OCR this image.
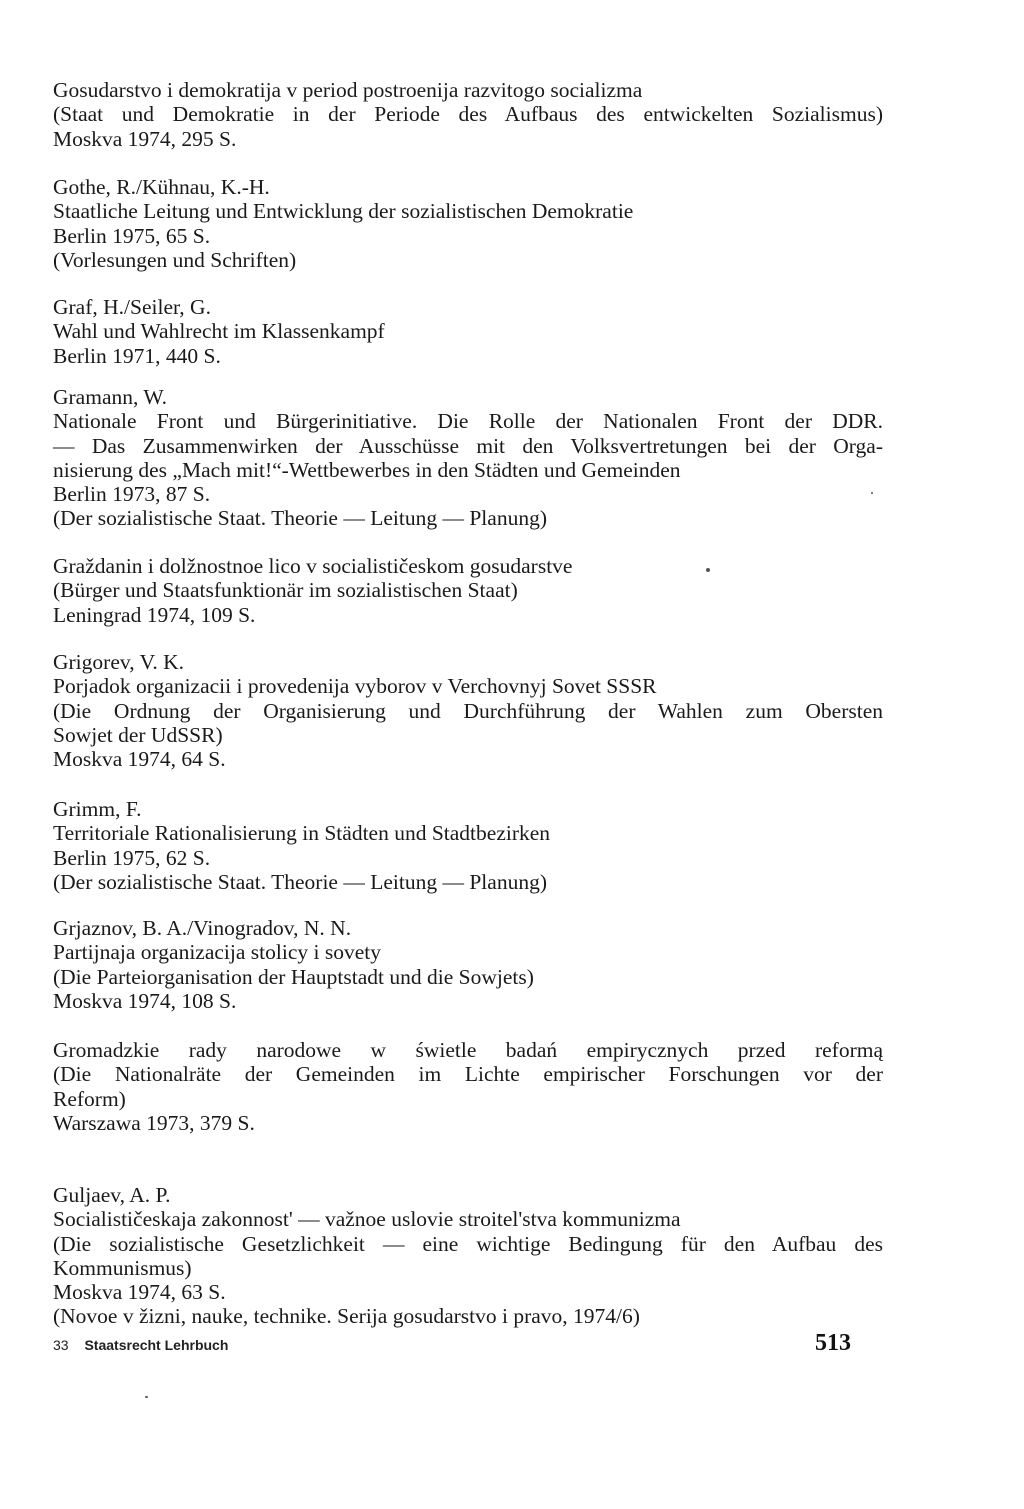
Gosudarstvo i demokratija v period postroenija razvitogo socializma
(Staat und Demokratie in der Periode des Aufbaus des entwickelten Sozialismus)
Moskva 1974, 295 S.
Gothe, R./Kühnau, K.-H.
Staatliche Leitung und Entwicklung der sozialistischen Demokratie
Berlin 1975, 65 S.
(Vorlesungen und Schriften)
Graf, H./Seiler, G.
Wahl und Wahlrecht im Klassenkampf
Berlin 1971, 440 S.
Gramann, W.
Nationale Front und Bürgerinitiative. Die Rolle der Nationalen Front der DDR.
— Das Zusammenwirken der Ausschüsse mit den Volksvertretungen bei der Orga-
nisierung des „Mach mit!“-Wettbewerbes in den Städten und Gemeinden
Berlin 1973, 87 S.
(Der sozialistische Staat. Theorie — Leitung — Planung)
Graždanin i dolžnostnoe lico v socialističeskom gosudarstve
(Bürger und Staatsfunktionär im sozialistischen Staat)
Leningrad 1974, 109 S.
Grigorev, V. K.
Porjadok organizacii i provedenija vyborov v Verchovnyj Sovet SSSR
(Die Ordnung der Organisierung und Durchführung der Wahlen zum Obersten
Sowjet der UdSSR)
Moskva 1974, 64 S.
Grimm, F.
Territoriale Rationalisierung in Städten und Stadtbezirken
Berlin 1975, 62 S.
(Der sozialistische Staat. Theorie — Leitung — Planung)
Grjaznov, B. A./Vinogradov, N. N.
Partijnaja organizacija stolicy i sovety
(Die Parteiorganisation der Hauptstadt und die Sowjets)
Moskva 1974, 108 S.
Gromadzkie rady narodowe w świetle badań empirycznych przed reformą
(Die Nationalräte der Gemeinden im Lichte empirischer Forschungen vor der
Reform)
Warszawa 1973, 379 S.
Guljaev, A. P.
Socialističeskaja zakonnost' — važnoe uslovie stroitel'stva kommunizma
(Die sozialistische Gesetzlichkeit — eine wichtige Bedingung für den Aufbau des
Kommunismus)
Moskva 1974, 63 S.
(Novoe v žizni, nauke, technike. Serija gosudarstvo i pravo, 1974/6)
33 Staatsrecht Lehrbuch	513
